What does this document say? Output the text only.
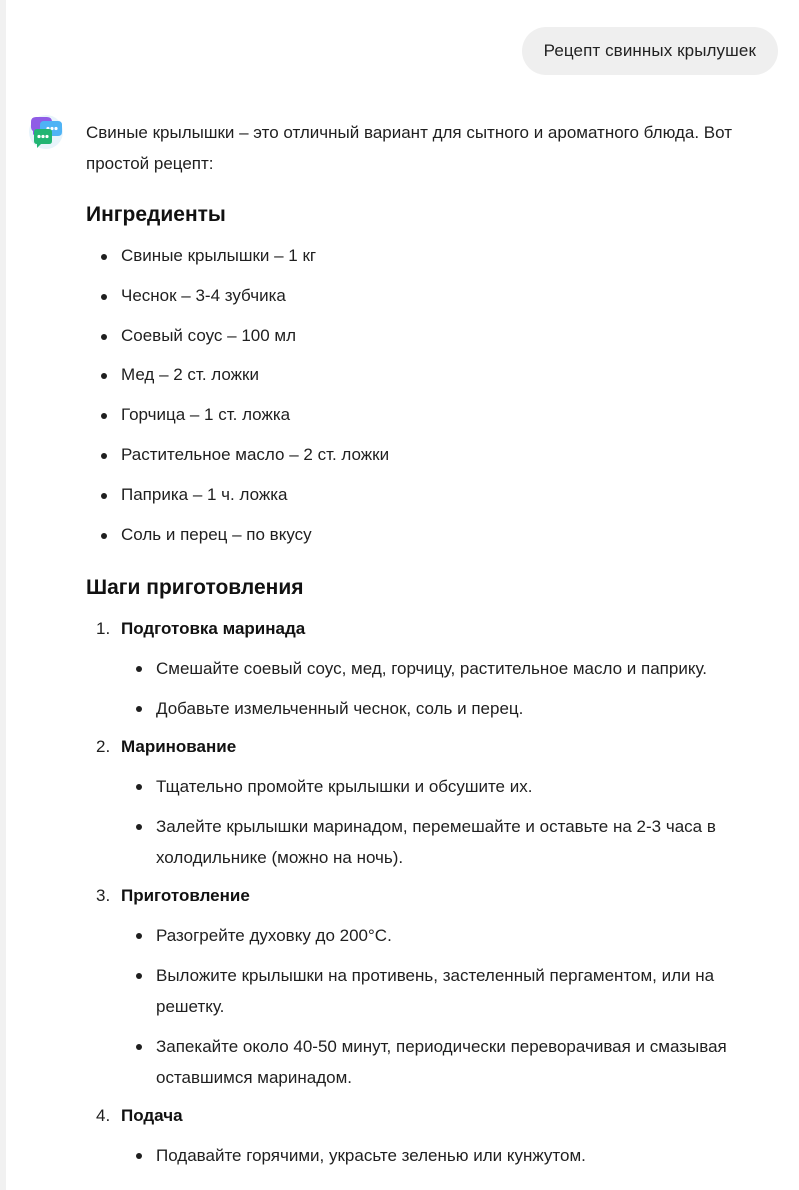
Рецепт свинных крылушек

Свиные крылышки – это отличный вариант для сытного и ароматного блюда. Вот простой рецепт:

Ингредиенты
Свиные крылышки – 1 кг
Чеснок – 3-4 зубчика
Соевый соус – 100 мл
Мед – 2 ст. ложки
Горчица – 1 ст. ложка
Растительное масло – 2 ст. ложки
Паприка – 1 ч. ложка
Соль и перец – по вкусу
Шаги приготовления
1. Подготовка маринада
Смешайте соевый соус, мед, горчицу, растительное масло и паприку.
Добавьте измельченный чеснок, соль и перец.
2. Маринование
Тщательно промойте крылышки и обсушите их.
Залейте крылышки маринадом, перемешайте и оставьте на 2-3 часа в холодильнике (можно на ночь).
3. Приготовление
Разогрейте духовку до 200°C.
Выложите крылышки на противень, застеленный пергаментом, или на решетку.
Запекайте около 40-50 минут, периодически переворачивая и смазывая оставшимся маринадом.
4. Подача
Подавайте горячими, украсьте зеленью или кунжутом.
